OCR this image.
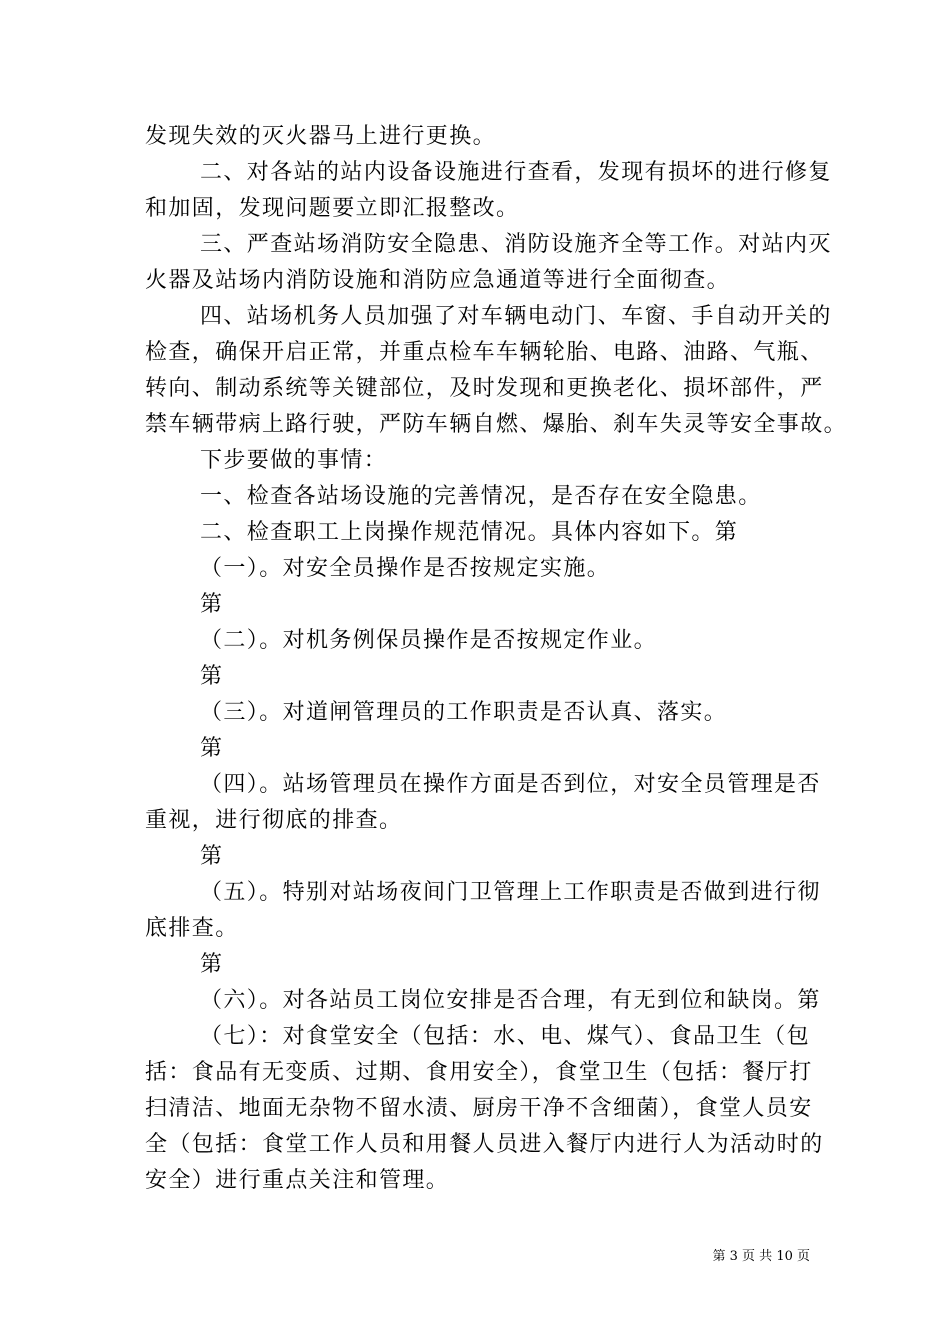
发现失效的灭火器马上进行更换。
二、对各站的站内设备设施进行查看，发现有损坏的进行修复
和加固，发现问题要立即汇报整改。
三、严查站场消防安全隐患、消防设施齐全等工作。对站内灭
火器及站场内消防设施和消防应急通道等进行全面彻查。
四、站场机务人员加强了对车辆电动门、车窗、手自动开关的
检查，确保开启正常，并重点检车车辆轮胎、电路、油路、气瓶、
转向、制动系统等关键部位，及时发现和更换老化、损坏部件，严
禁车辆带病上路行驶，严防车辆自燃、爆胎、刹车失灵等安全事故。
下步要做的事情：
一、检查各站场设施的完善情况，是否存在安全隐患。
二、检查职工上岗操作规范情况。具体内容如下。第
（一）。对安全员操作是否按规定实施。
第
（二）。对机务例保员操作是否按规定作业。
第
（三）。对道闸管理员的工作职责是否认真、落实。
第
（四）。站场管理员在操作方面是否到位，对安全员管理是否
重视，进行彻底的排查。
第
（五）。特别对站场夜间门卫管理上工作职责是否做到进行彻
底排查。
第
（六）。对各站员工岗位安排是否合理，有无到位和缺岗。第
（七）：对食堂安全（包括：水、电、煤气）、食品卫生（包
括：食品有无变质、过期、食用安全），食堂卫生（包括：餐厅打
扫清洁、地面无杂物不留水渍、厨房干净不含细菌），食堂人员安
全（包括：食堂工作人员和用餐人员进入餐厅内进行人为活动时的
安全）进行重点关注和管理。
第 3 页 共 10 页
